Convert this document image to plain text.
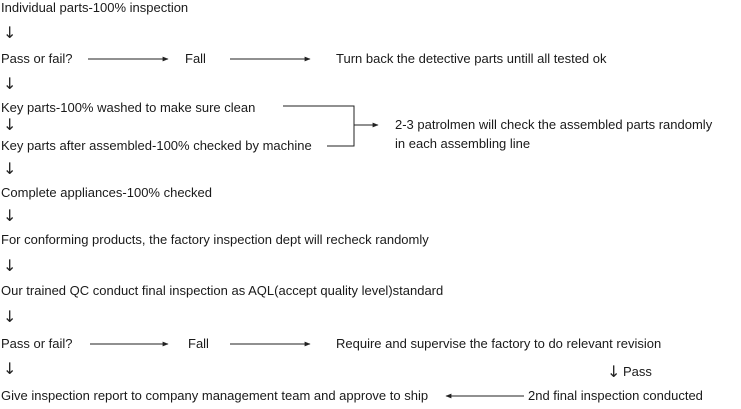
Individual parts-100% inspection
↓
Pass or fail?	Fall	Turn back the detective parts untill all tested ok
↓
Key parts-100% washed to make sure clean
↓
Key parts after assembled-100% checked by machine
2-3 patrolmen will check the assembled parts randomly
in each assembling line
↓
Complete appliances-100% checked
↓
For conforming products, the factory inspection dept will recheck randomly
↓
Our trained QC conduct final inspection as AQL(accept quality level)standard
↓
Pass or fail?	Fall	Require and supervise the factory to do relevant revision
↓	↓ Pass
Give inspection report to company management team and approve to ship	2nd final inspection conducted
